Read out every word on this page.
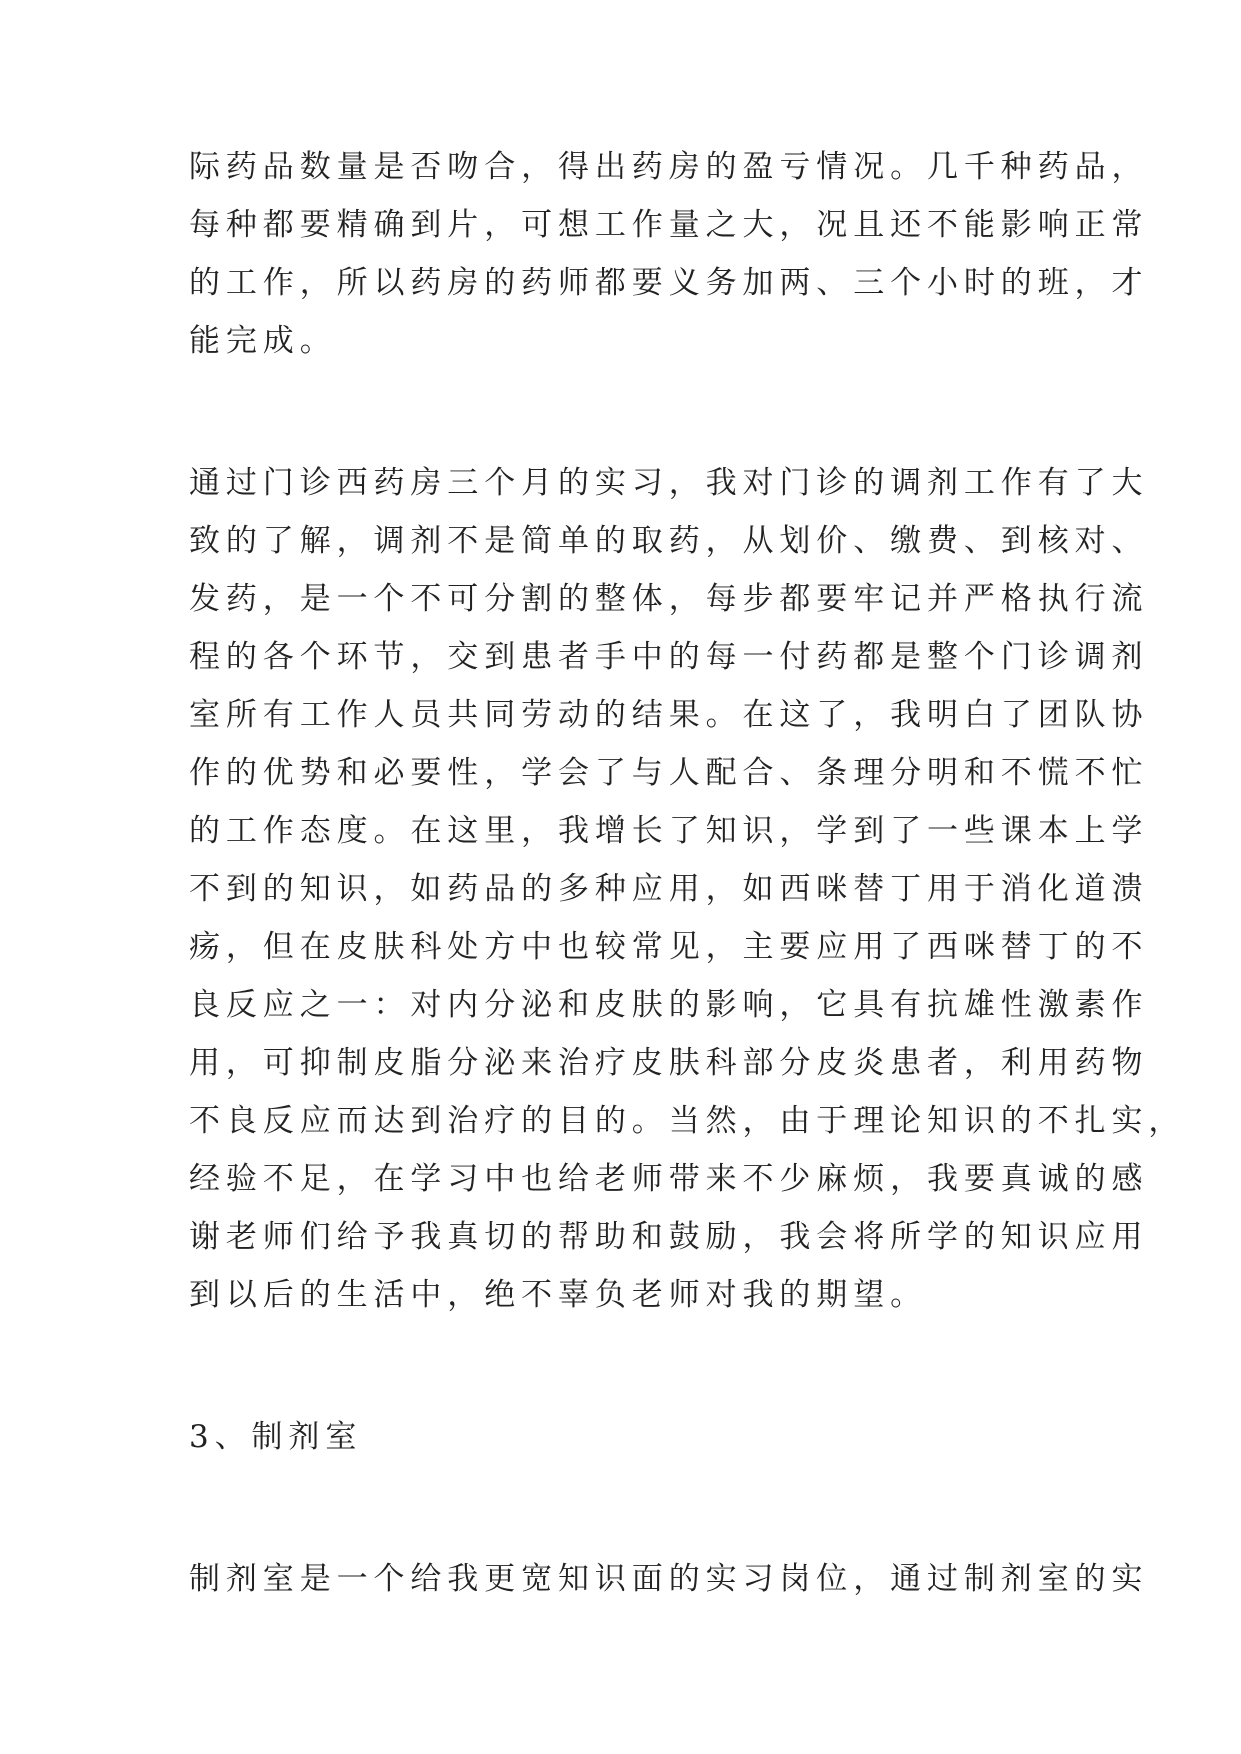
际药品数量是否吻合，得出药房的盈亏情况。几千种药品，
每种都要精确到片，可想工作量之大，况且还不能影响正常
的工作，所以药房的药师都要义务加两、三个小时的班，才
能完成。
通过门诊西药房三个月的实习，我对门诊的调剂工作有了大
致的了解，调剂不是简单的取药，从划价、缴费、到核对、
发药，是一个不可分割的整体，每步都要牢记并严格执行流
程的各个环节，交到患者手中的每一付药都是整个门诊调剂
室所有工作人员共同劳动的结果。在这了，我明白了团队协
作的优势和必要性，学会了与人配合、条理分明和不慌不忙
的工作态度。在这里，我增长了知识，学到了一些课本上学
不到的知识，如药品的多种应用，如西咪替丁用于消化道溃
疡，但在皮肤科处方中也较常见，主要应用了西咪替丁的不
良反应之一：对内分泌和皮肤的影响，它具有抗雄性激素作
用，可抑制皮脂分泌来治疗皮肤科部分皮炎患者，利用药物
不良反应而达到治疗的目的。当然，由于理论知识的不扎实，
经验不足，在学习中也给老师带来不少麻烦，我要真诚的感
谢老师们给予我真切的帮助和鼓励，我会将所学的知识应用
到以后的生活中，绝不辜负老师对我的期望。
3、制剂室
制剂室是一个给我更宽知识面的实习岗位，通过制剂室的实
